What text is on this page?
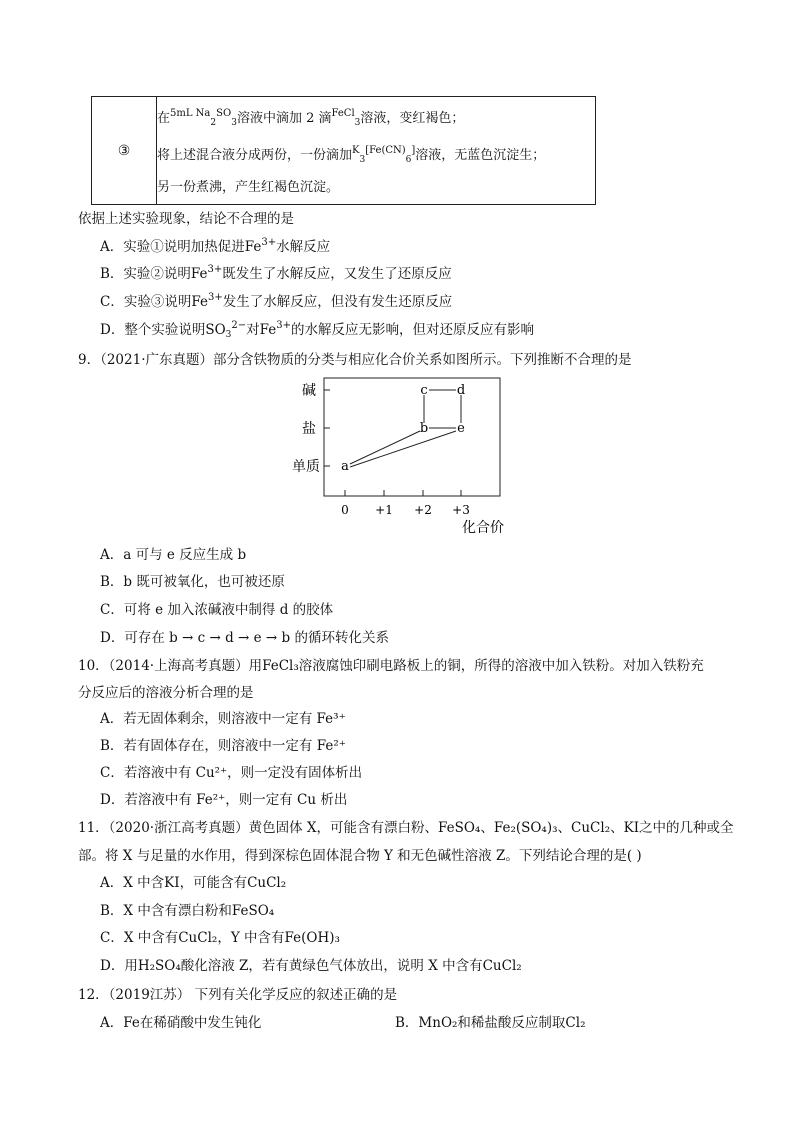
③	
在$^{5mL Na}_2^{SO}_3$溶液中滴加 2 滴$^{FeCl}_3$溶液，变红褐色；
将上述混合液分成两份，一份滴加$^K_3^{[Fe(CN)}_6$]溶液，无蓝色沉淀生；
另一份煮沸，产生红褐色沉淀。
依据上述实验现象，结论不合理的是
A．实验①说明加热促进$Fe^{3+}$水解反应
B．实验②说明$Fe^{3+}$既发生了水解反应，又发生了还原反应
C．实验③说明$Fe^{3+}$发生了水解反应，但没有发生还原反应
D．整个实验说明$SO_3^{2-}$对$Fe^{3+}$的水解反应无影响，但对还原反应有影响
9．（2021·广东真题）部分含铁物质的分类与相应化合价关系如图所示。下列推断不合理的是
碱
盐
单质
0 +1 +2 +3
化合价
c d
b e
a
A．a 可与 e 反应生成 b
B．b 既可被氧化，也可被还原
C．可将 e 加入浓碱液中制得 d 的胶体
D．可存在 b → c → d → e → b 的循环转化关系
10．（2014·上海高考真题）用FeCl₃溶液腐蚀印刷电路板上的铜，所得的溶液中加入铁粉。对加入铁粉充
分反应后的溶液分析合理的是
A．若无固体剩余，则溶液中一定有 Fe³⁺
B．若有固体存在，则溶液中一定有 Fe²⁺
C．若溶液中有 Cu²⁺，则一定没有固体析出
D．若溶液中有 Fe²⁺，则一定有 Cu 析出
11．（2020·浙江高考真题）黄色固体 X，可能含有漂白粉、FeSO₄、Fe₂(SO₄)₃、CuCl₂、KI之中的几种或全
部。将 X 与足量的水作用，得到深棕色固体混合物 Y 和无色碱性溶液 Z。下列结论合理的是( )
A．X 中含KI，可能含有CuCl₂
B．X 中含有漂白粉和FeSO₄
C．X 中含有CuCl₂，Y 中含有Fe(OH)₃
D．用H₂SO₄酸化溶液 Z，若有黄绿色气体放出，说明 X 中含有CuCl₂
12．（2019江苏） 下列有关化学反应的叙述正确的是
A．Fe在稀硝酸中发生钝化	B．MnO₂和稀盐酸反应制取Cl₂
